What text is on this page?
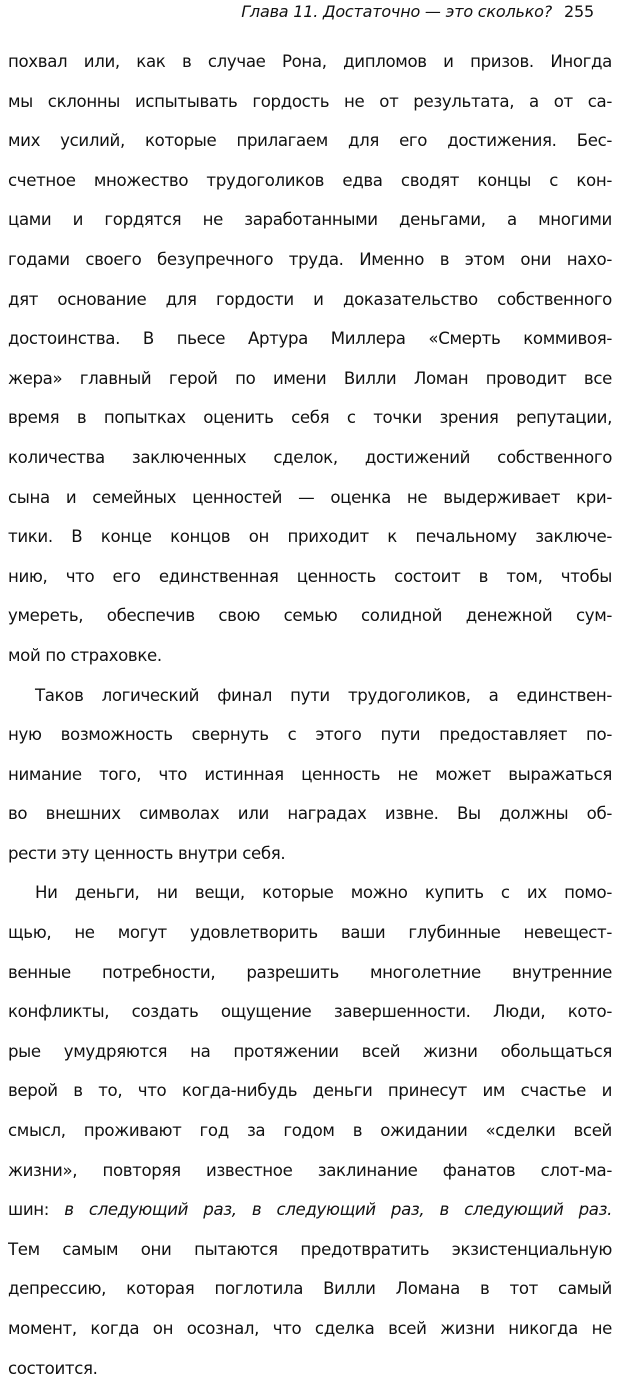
Глава 11. Достаточно — это сколько? 255
похвал или, как в случае Рона, дипломов и призов. Иногда
мы склонны испытывать гордость не от результата, а от са-
мих усилий, которые прилагаем для его достижения. Бес-
счетное множество трудоголиков едва сводят концы с кон-
цами и гордятся не заработанными деньгами, а многими
годами своего безупречного труда. Именно в этом они нахо-
дят основание для гордости и доказательство собственного
достоинства. В пьесе Артура Миллера «Смерть коммивоя-
жера» главный герой по имени Вилли Ломан проводит все
время в попытках оценить себя с точки зрения репутации,
количества заключенных сделок, достижений собственного
сына и семейных ценностей — оценка не выдерживает кри-
тики. В конце концов он приходит к печальному заключе-
нию, что его единственная ценность состоит в том, чтобы
умереть, обеспечив свою семью солидной денежной сум-
мой по страховке.
Таков логический финал пути трудоголиков, а единствен-
ную возможность свернуть с этого пути предоставляет по-
нимание того, что истинная ценность не может выражаться
во внешних символах или наградах извне. Вы должны об-
рести эту ценность внутри себя.
Ни деньги, ни вещи, которые можно купить с их помо-
щью, не могут удовлетворить ваши глубинные невещест-
венные потребности, разрешить многолетние внутренние
конфликты, создать ощущение завершенности. Люди, кото-
рые умудряются на протяжении всей жизни обольщаться
верой в то, что когда-нибудь деньги принесут им счастье и
смысл, проживают год за годом в ожидании «сделки всей
жизни», повторяя известное заклинание фанатов слот-ма-
шин: в следующий раз, в следующий раз, в следующий раз.
Тем самым они пытаются предотвратить экзистенциальную
депрессию, которая поглотила Вилли Ломана в тот самый
момент, когда он осознал, что сделка всей жизни никогда не
состоится.
